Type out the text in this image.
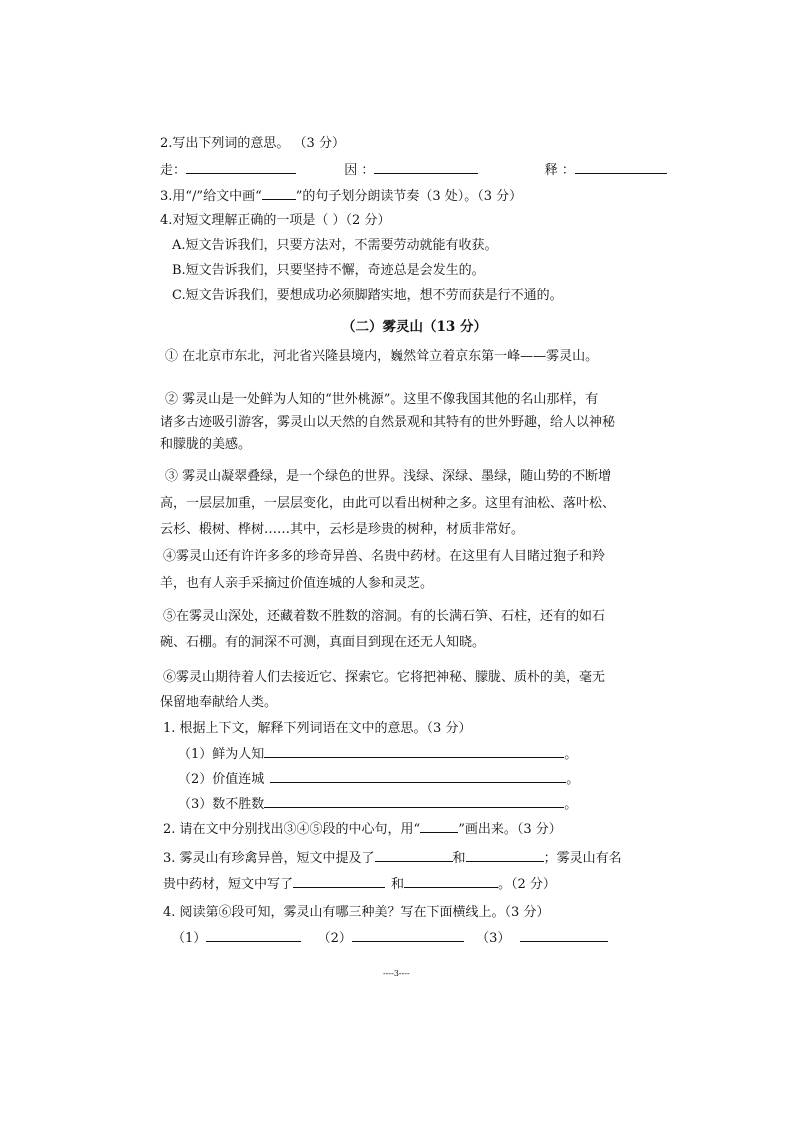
2.写出下列词的意思。 （3 分）
走：	因 ：	释 ：
3.用“/”给文中画“	”的句子划分朗读节奏（3 处）。（3 分）
4.对短文理解正确的一项是（ ）（2 分）
A.短文告诉我们，只要方法对，不需要劳动就能有收获。
B.短文告诉我们，只要坚持不懈，奇迹总是会发生的。
C.短文告诉我们，要想成功必须脚踏实地，想不劳而获是行不通的。
（二）雾灵山（13 分）
① 在北京市东北，河北省兴隆县境内，巍然耸立着京东第一峰——雾灵山。
② 雾灵山是一处鲜为人知的“世外桃源”。这里不像我国其他的名山那样，有
诸多古迹吸引游客，雾灵山以天然的自然景观和其特有的世外野趣，给人以神秘
和朦胧的美感。
③ 雾灵山凝翠叠绿，是一个绿色的世界。浅绿、深绿、墨绿，随山势的不断增
高，一层层加重，一层层变化，由此可以看出树种之多。这里有油松、落叶松、
云杉、椴树、桦树……其中，云杉是珍贵的树种，材质非常好。
④雾灵山还有许许多多的珍奇异兽、名贵中药材。在这里有人目睹过狍子和羚
羊，也有人亲手采摘过价值连城的人参和灵芝。
⑤在雾灵山深处，还藏着数不胜数的溶洞。有的长满石笋、石柱，还有的如石
碗、石棚。有的洞深不可测，真面目到现在还无人知晓。
⑥雾灵山期待着人们去接近它、探索它。它将把神秘、朦胧、质朴的美，毫无
保留地奉献给人类。
1. 根据上下文，解释下列词语在文中的意思。（3 分）
（1）鲜为人知	。
（2）价值连城	。
（3）数不胜数	。
2. 请在文中分别找出③④⑤段的中心句，用“	”画出来。（3 分）
3. 雾灵山有珍禽异兽，短文中提及了	和	；雾灵山有名
贵中药材，短文中写了	和	。（2 分）
4. 阅读第⑥段可知，雾灵山有哪三种美？写在下面横线上。（3 分）
（1）	（2）	（3）
----3----
